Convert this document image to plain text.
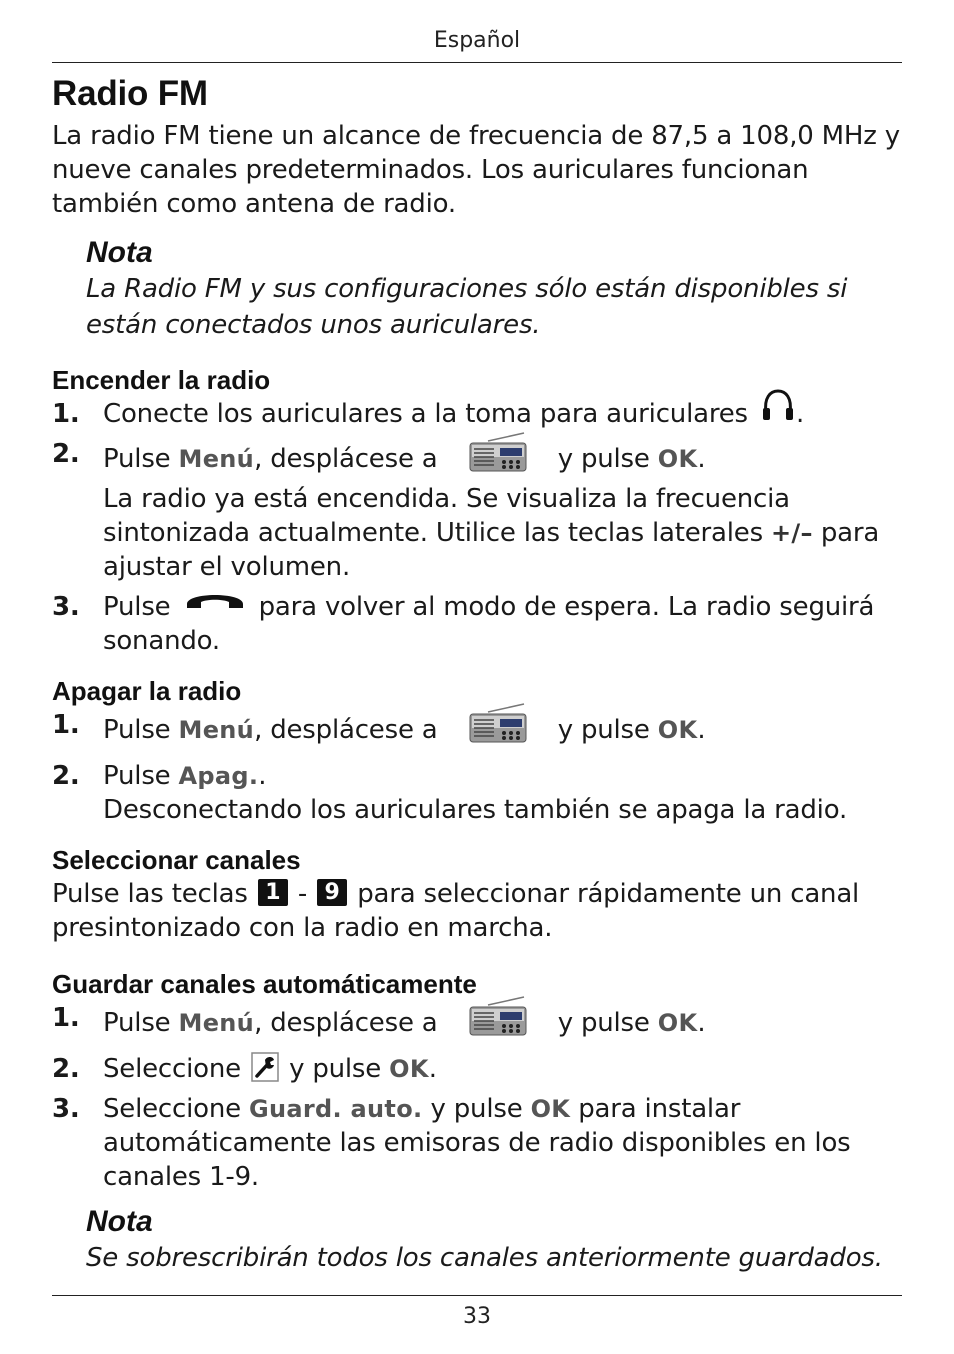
Español
Radio FM

La radio FM tiene un alcance de frecuencia de 87,5 a 108,0 MHz y nueve canales predeterminados. Los auriculares funcionan también como antena de radio.

Nota
La Radio FM y sus configuraciones sólo están disponibles si están conectados unos auriculares.
Encender la radio
1. Conecte los auriculares a la toma para auriculares .
2. Pulse Menú, desplácese a	y pulse OK.
La radio ya está encendida. Se visualiza la frecuencia sintonizada actualmente. Utilice las teclas laterales +/– para ajustar el volumen.
3. Pulse	para volver al modo de espera. La radio seguirá sonando.
Apagar la radio
1. Pulse Menú, desplácese a	y pulse OK.
2. Pulse Apag..
Desconectando los auriculares también se apaga la radio.
Seleccionar canales

Pulse las teclas 1 - 9 para seleccionar rápidamente un canal presintonizado con la radio en marcha.

Guardar canales automáticamente
1. Pulse Menú, desplácese a	y pulse OK.
2. Seleccione y pulse OK.
3. Seleccione Guard. auto. y pulse OK para instalar automáticamente las emisoras de radio disponibles en los canales 1-9.
Nota
Se sobrescribirán todos los canales anteriormente guardados.
33
